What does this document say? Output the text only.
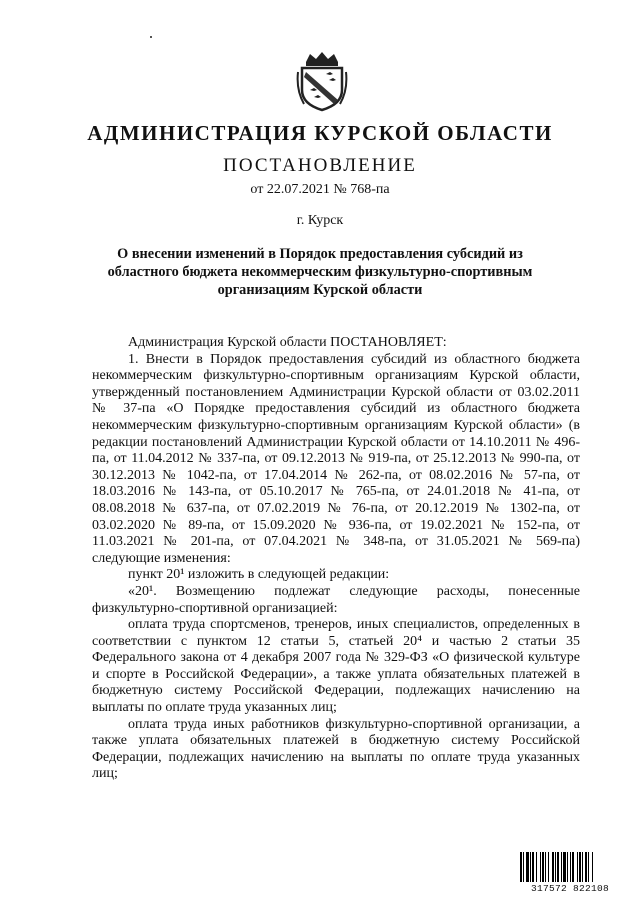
АДМИНИСТРАЦИЯ КУРСКОЙ ОБЛАСТИ
ПОСТАНОВЛЕНИЕ
от 22.07.2021 № 768-па
г. Курск
О внесении изменений в Порядок предоставления субсидий из
областного бюджета некоммерческим физкультурно-спортивным
организациям Курской области

Администрация Курской области ПОСТАНОВЛЯЕТ:

1. Внести в Порядок предоставления субсидий из областного бюджета некоммерческим физкультурно-спортивным организациям Курской области, утвержденный постановлением Администрации Курской области от 03.02.2011 № 37-па «О Порядке предоставления субсидий из областного бюджета некоммерческим физкультурно-спортивным организациям Курской области» (в редакции постановлений Администрации Курской области от 14.10.2011 № 496-па, от 11.04.2012 № 337-па, от 09.12.2013 № 919-па, от 25.12.2013 № 990-па, от 30.12.2013 № 1042-па, от 17.04.2014 № 262-па, от 08.02.2016 № 57-па, от 18.03.2016 № 143-па, от 05.10.2017 № 765-па, от 24.01.2018 № 41-па, от 08.08.2018 № 637-па, от 07.02.2019 № 76-па, от 20.12.2019 № 1302-па, от 03.02.2020 № 89-па, от 15.09.2020 № 936-па, от 19.02.2021 № 152-па, от 11.03.2021 № 201-па, от 07.04.2021 № 348-па, от 31.05.2021 № 569-па) следующие изменения:

пункт 20¹ изложить в следующей редакции:

«20¹. Возмещению подлежат следующие расходы, понесенные физкультурно-спортивной организацией:

оплата труда спортсменов, тренеров, иных специалистов, определенных в соответствии с пунктом 12 статьи 5, статьей 20⁴ и частью 2 статьи 35 Федерального закона от 4 декабря 2007 года № 329-ФЗ «О физической культуре и спорте в Российской Федерации», а также уплата обязательных платежей в бюджетную систему Российской Федерации, подлежащих начислению на выплаты по оплате труда указанных лиц;

оплата труда иных работников физкультурно-спортивной организации, а также уплата обязательных платежей в бюджетную систему Российской Федерации, подлежащих начислению на выплаты по оплате труда указанных лиц;

317572 822108
